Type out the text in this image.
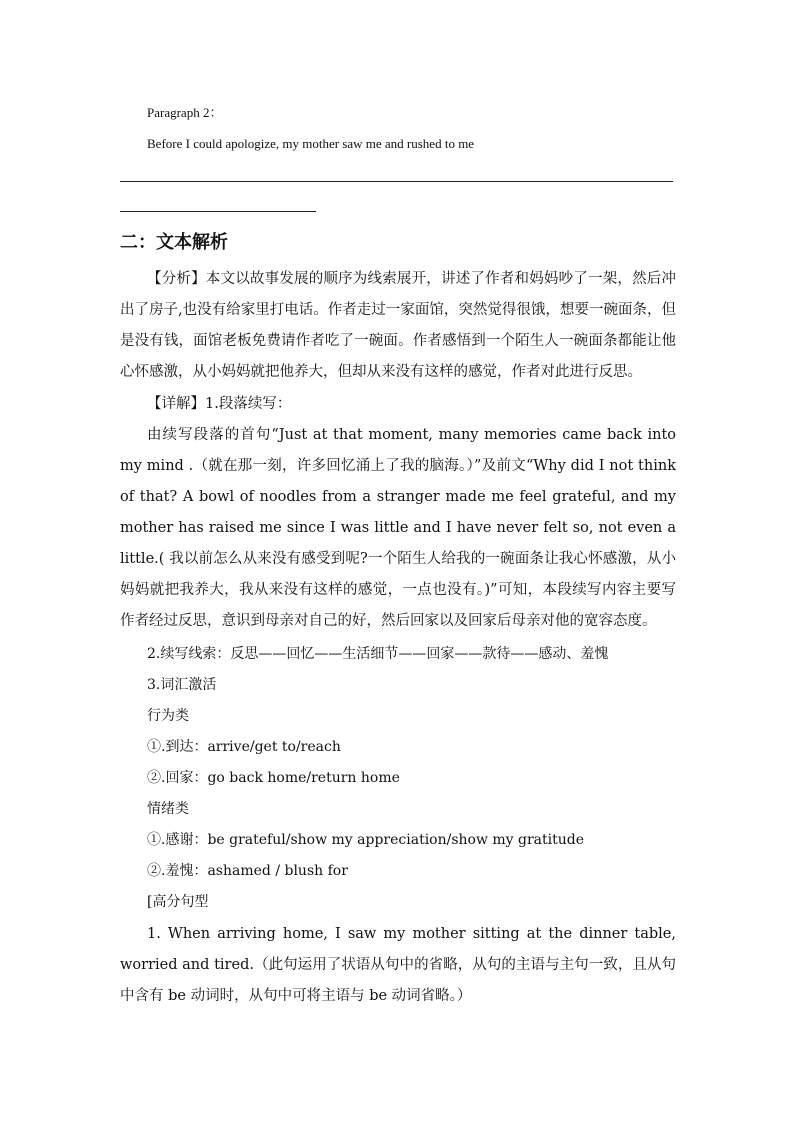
Paragraph 2：
Before I could apologize, my mother saw me and rushed to me
二：文本解析
【分析】本文以故事发展的顺序为线索展开，讲述了作者和妈妈吵了一架，然后冲出了房子,也没有给家里打电话。作者走过一家面馆，突然觉得很饿，想要一碗面条，但是没有钱，面馆老板免费请作者吃了一碗面。作者感悟到一个陌生人一碗面条都能让他心怀感激，从小妈妈就把他养大，但却从来没有这样的感觉，作者对此进行反思。
【详解】1.段落续写：
由续写段落的首句“Just at that moment, many memories came back into my mind .（就在那一刻，许多回忆涌上了我的脑海。）”及前文“Why did I not think of that? A bowl of noodles from a stranger made me feel grateful, and my mother has raised me since I was little and I have never felt so, not even a little.( 我以前怎么从来没有感受到呢?一个陌生人给我的一碗面条让我心怀感激，从小妈妈就把我养大，我从来没有这样的感觉，一点也没有。)”可知，本段续写内容主要写作者经过反思，意识到母亲对自己的好，然后回家以及回家后母亲对他的宽容态度。
2.续写线索：反思——回忆——生活细节——回家——款待——感动、羞愧
3.词汇激活
行为类
①.到达：arrive/get to/reach
②.回家：go back home/return home
情绪类
①.感谢：be grateful/show my appreciation/show my gratitude
②.羞愧：ashamed / blush for
[高分句型
1. When arriving home, I saw my mother sitting at the dinner table, worried and tired.（此句运用了状语从句中的省略，从句的主语与主句一致，且从句中含有 be 动词时，从句中可将主语与 be 动词省略。）
